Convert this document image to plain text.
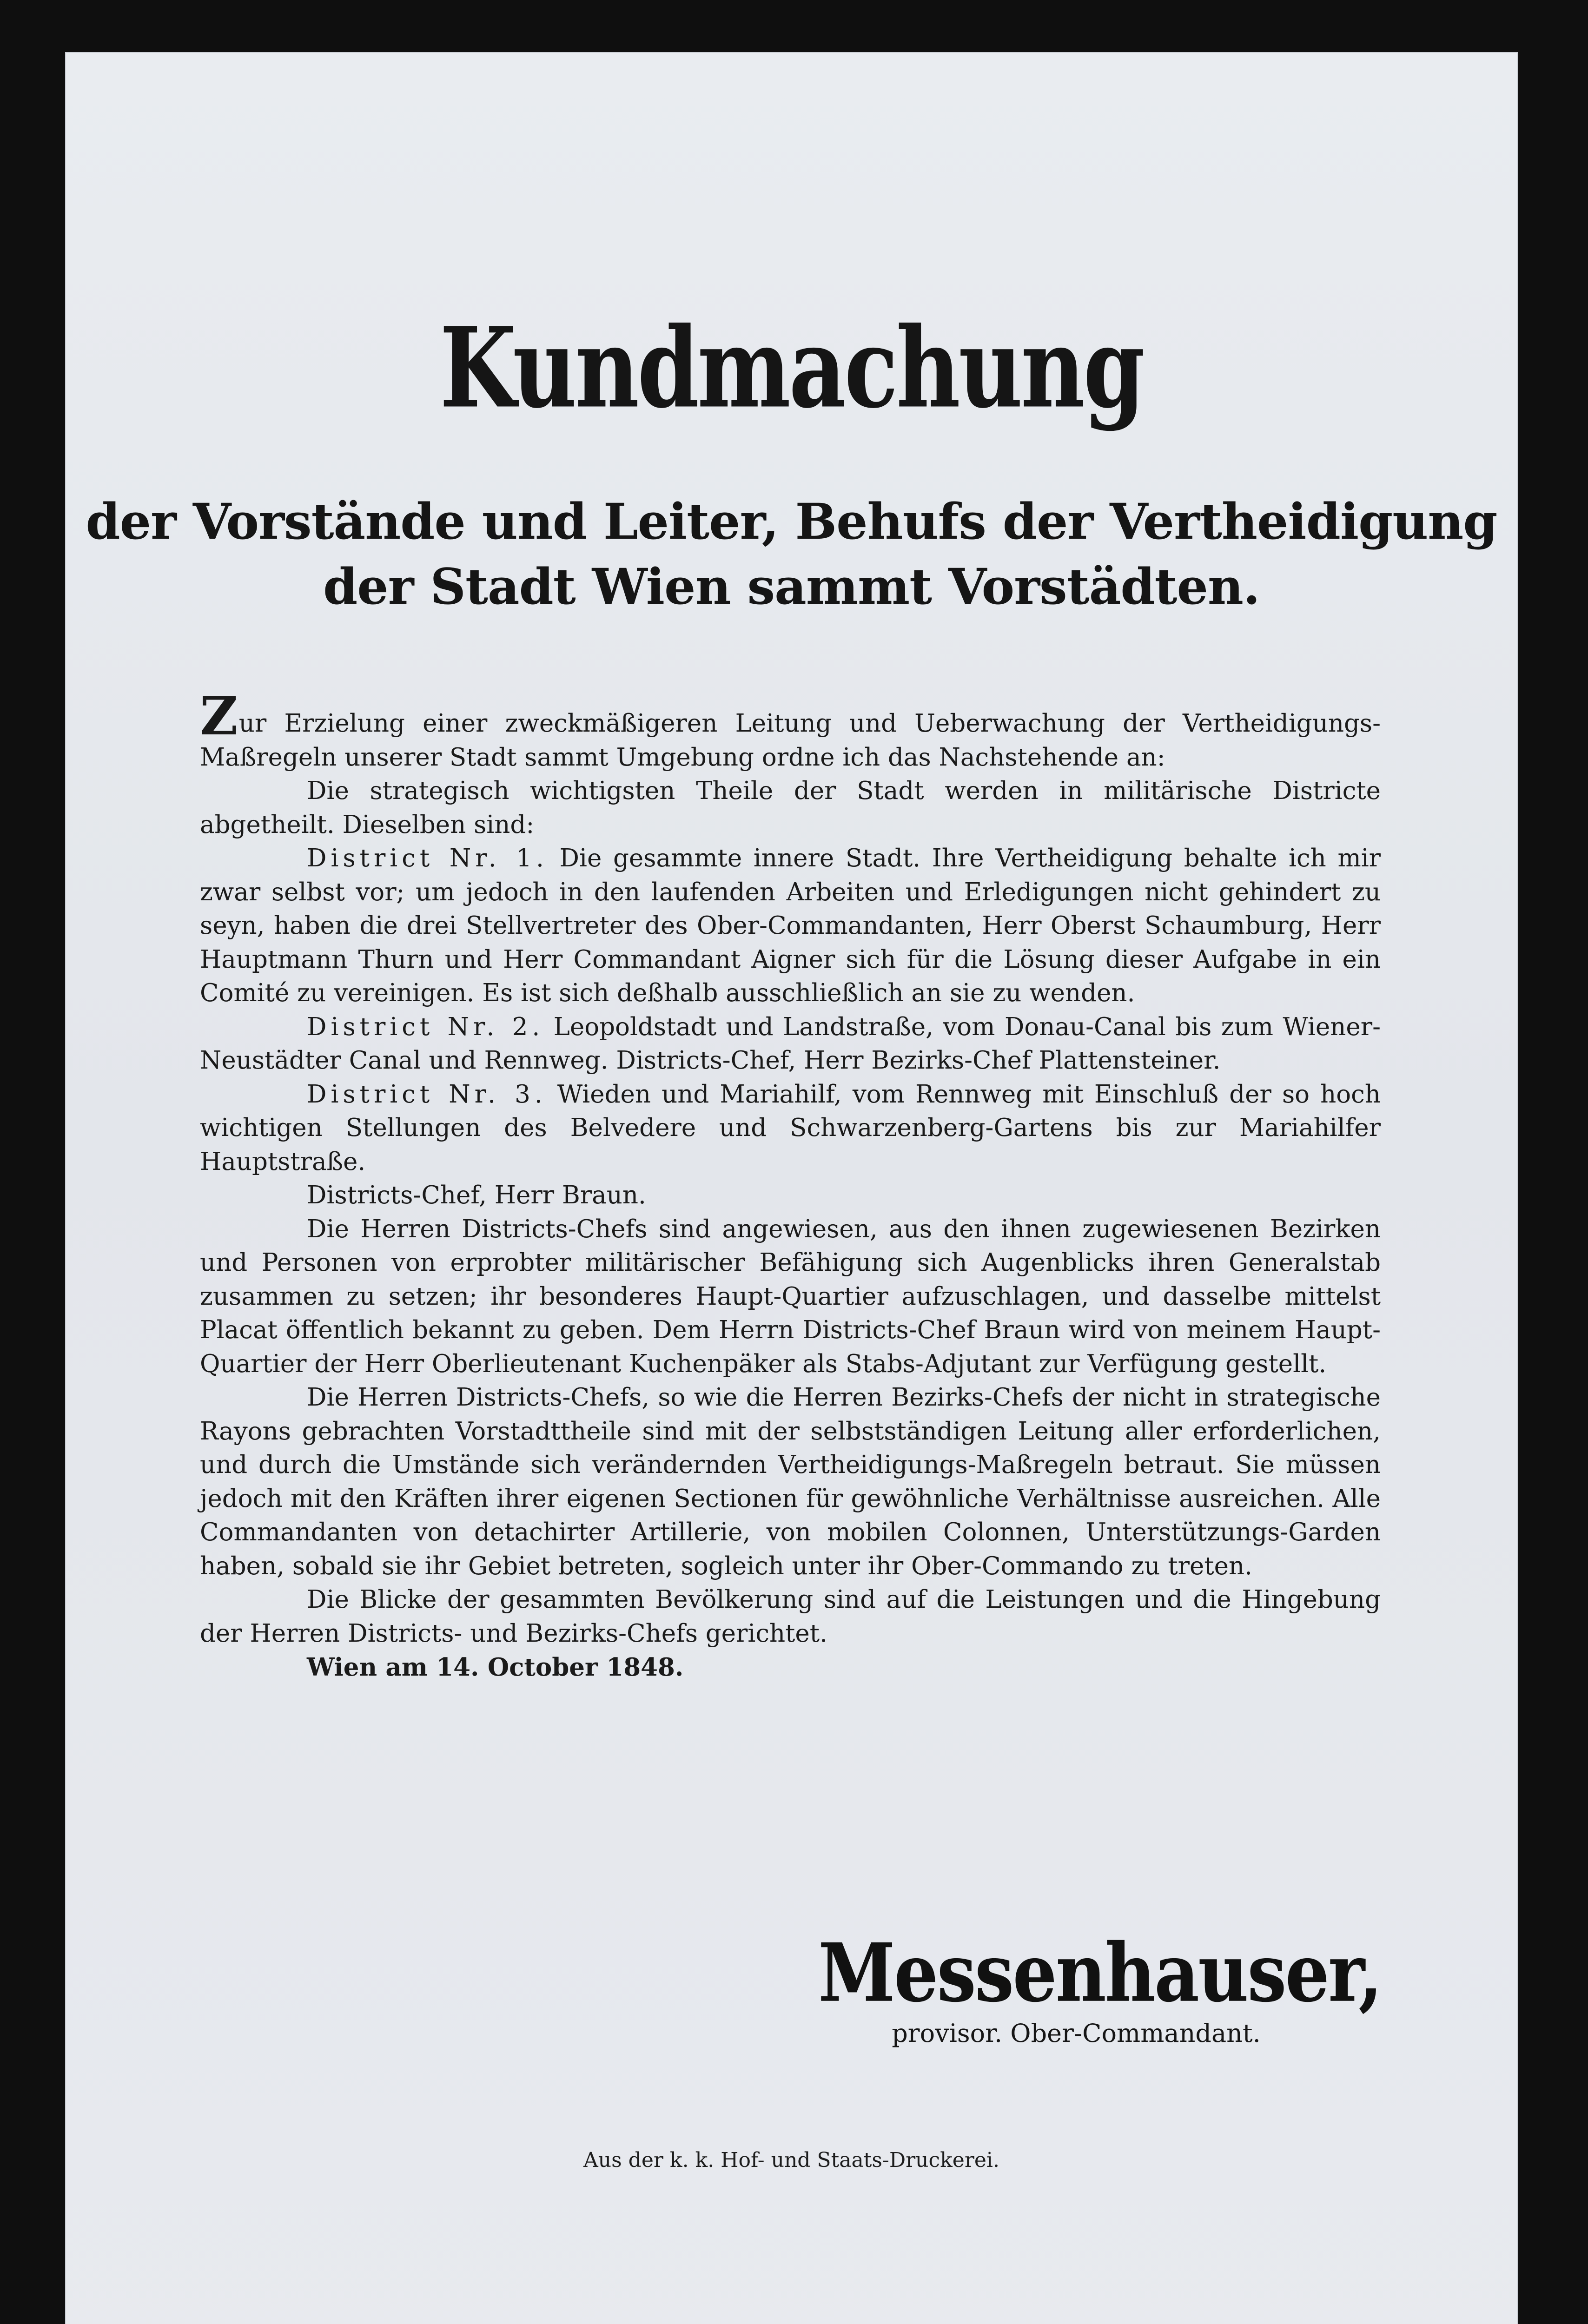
Kundmachung
der Vorstände und Leiter, Behufs der Vertheidigung
der Stadt Wien sammt Vorstädten.

Zur Erzielung einer zweckmäßigeren Leitung und Ueberwachung der Vertheidigungs-Maßregeln unserer Stadt sammt Umgebung ordne ich das Nachstehende an:

Die strategisch wichtigsten Theile der Stadt werden in militärische Districte abgetheilt. Dieselben sind:

District Nr. 1. Die gesammte innere Stadt. Ihre Vertheidigung behalte ich mir zwar selbst vor; um jedoch in den laufenden Arbeiten und Erledigungen nicht gehindert zu seyn, haben die drei Stellvertreter des Ober-Commandanten, Herr Oberst Schaumburg, Herr Hauptmann Thurn und Herr Commandant Aigner sich für die Lösung dieser Aufgabe in ein Comité zu vereinigen. Es ist sich deßhalb ausschließlich an sie zu wenden.

District Nr. 2. Leopoldstadt und Landstraße, vom Donau-Canal bis zum Wiener-Neustädter Canal und Rennweg. Districts-Chef, Herr Bezirks-Chef Plattensteiner.

District Nr. 3. Wieden und Mariahilf, vom Rennweg mit Einschluß der so hoch wichtigen Stellungen des Belvedere und Schwarzenberg-Gartens bis zur Mariahilfer Hauptstraße.

Districts-Chef, Herr Braun.

Die Herren Districts-Chefs sind angewiesen, aus den ihnen zugewiesenen Bezirken und Personen von erprobter militärischer Befähigung sich Augenblicks ihren Generalstab zusammen zu setzen; ihr besonderes Haupt-Quartier aufzuschlagen, und dasselbe mittelst Placat öffentlich bekannt zu geben. Dem Herrn Districts-Chef Braun wird von meinem Haupt-Quartier der Herr Oberlieutenant Kuchenpäker als Stabs-Adjutant zur Verfügung gestellt.

Die Herren Districts-Chefs, so wie die Herren Bezirks-Chefs der nicht in strategische Rayons gebrachten Vorstadttheile sind mit der selbstständigen Leitung aller erforderlichen, und durch die Umstände sich verändernden Vertheidigungs-Maßregeln betraut. Sie müssen jedoch mit den Kräften ihrer eigenen Sectionen für gewöhnliche Verhältnisse ausreichen. Alle Commandanten von detachirter Artillerie, von mobilen Colonnen, Unterstützungs-Garden haben, sobald sie ihr Gebiet betreten, sogleich unter ihr Ober-Commando zu treten.

Die Blicke der gesammten Bevölkerung sind auf die Leistungen und die Hingebung der Herren Districts- und Bezirks-Chefs gerichtet.

Wien am 14. October 1848.
Messenhauser,
provisor. Ober-Commandant.
Aus der k. k. Hof- und Staats-Druckerei.
